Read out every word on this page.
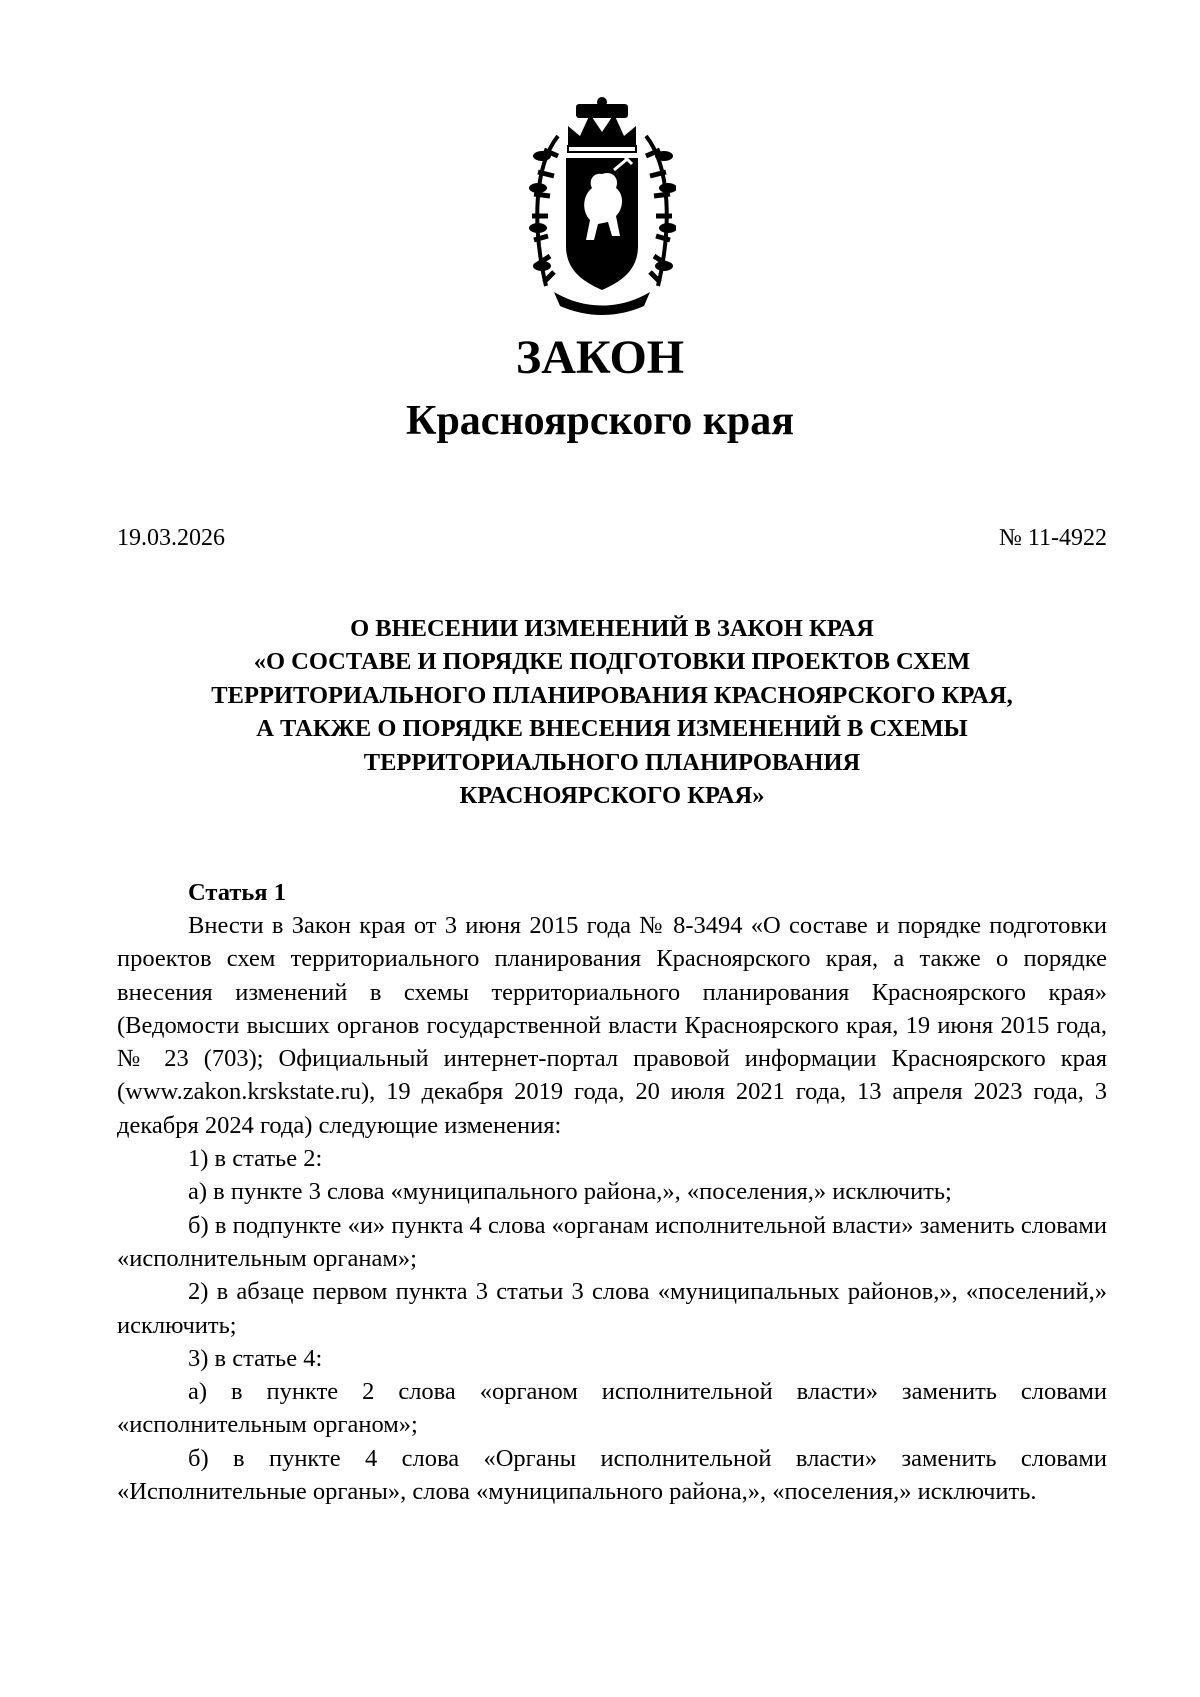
ЗАКОН
Красноярского края
19.03.2026	№ 11-4922
О ВНЕСЕНИИ ИЗМЕНЕНИЙ В ЗАКОН КРАЯ
«О СОСТАВЕ И ПОРЯДКЕ ПОДГОТОВКИ ПРОЕКТОВ СХЕМ
ТЕРРИТОРИАЛЬНОГО ПЛАНИРОВАНИЯ КРАСНОЯРСКОГО КРАЯ,
А ТАКЖЕ О ПОРЯДКЕ ВНЕСЕНИЯ ИЗМЕНЕНИЙ В СХЕМЫ
ТЕРРИТОРИАЛЬНОГО ПЛАНИРОВАНИЯ
КРАСНОЯРСКОГО КРАЯ»

Статья 1

Внести в Закон края от 3 июня 2015 года № 8-3494 «О составе и порядке подготовки проектов схем территориального планирования Красноярского края, а также о порядке внесения изменений в схемы территориального планирования Красноярского края» (Ведомости высших органов государственной власти Красноярского края, 19 июня 2015 года, № 23 (703); Официальный интернет-портал правовой информации Красноярского края (www.zakon.krskstate.ru), 19 декабря 2019 года, 20 июля 2021 года, 13 апреля 2023 года, 3 декабря 2024 года) следующие изменения:

1) в статье 2:

а) в пункте 3 слова «муниципального района,», «поселения,» исключить;

б) в подпункте «и» пункта 4 слова «органам исполнительной власти» заменить словами «исполнительным органам»;

2) в абзаце первом пункта 3 статьи 3 слова «муниципальных районов,», «поселений,» исключить;

3) в статье 4:

а) в пункте 2 слова «органом исполнительной власти» заменить словами «исполнительным органом»;

б) в пункте 4 слова «Органы исполнительной власти» заменить словами «Исполнительные органы», слова «муниципального района,», «поселения,» исключить.
